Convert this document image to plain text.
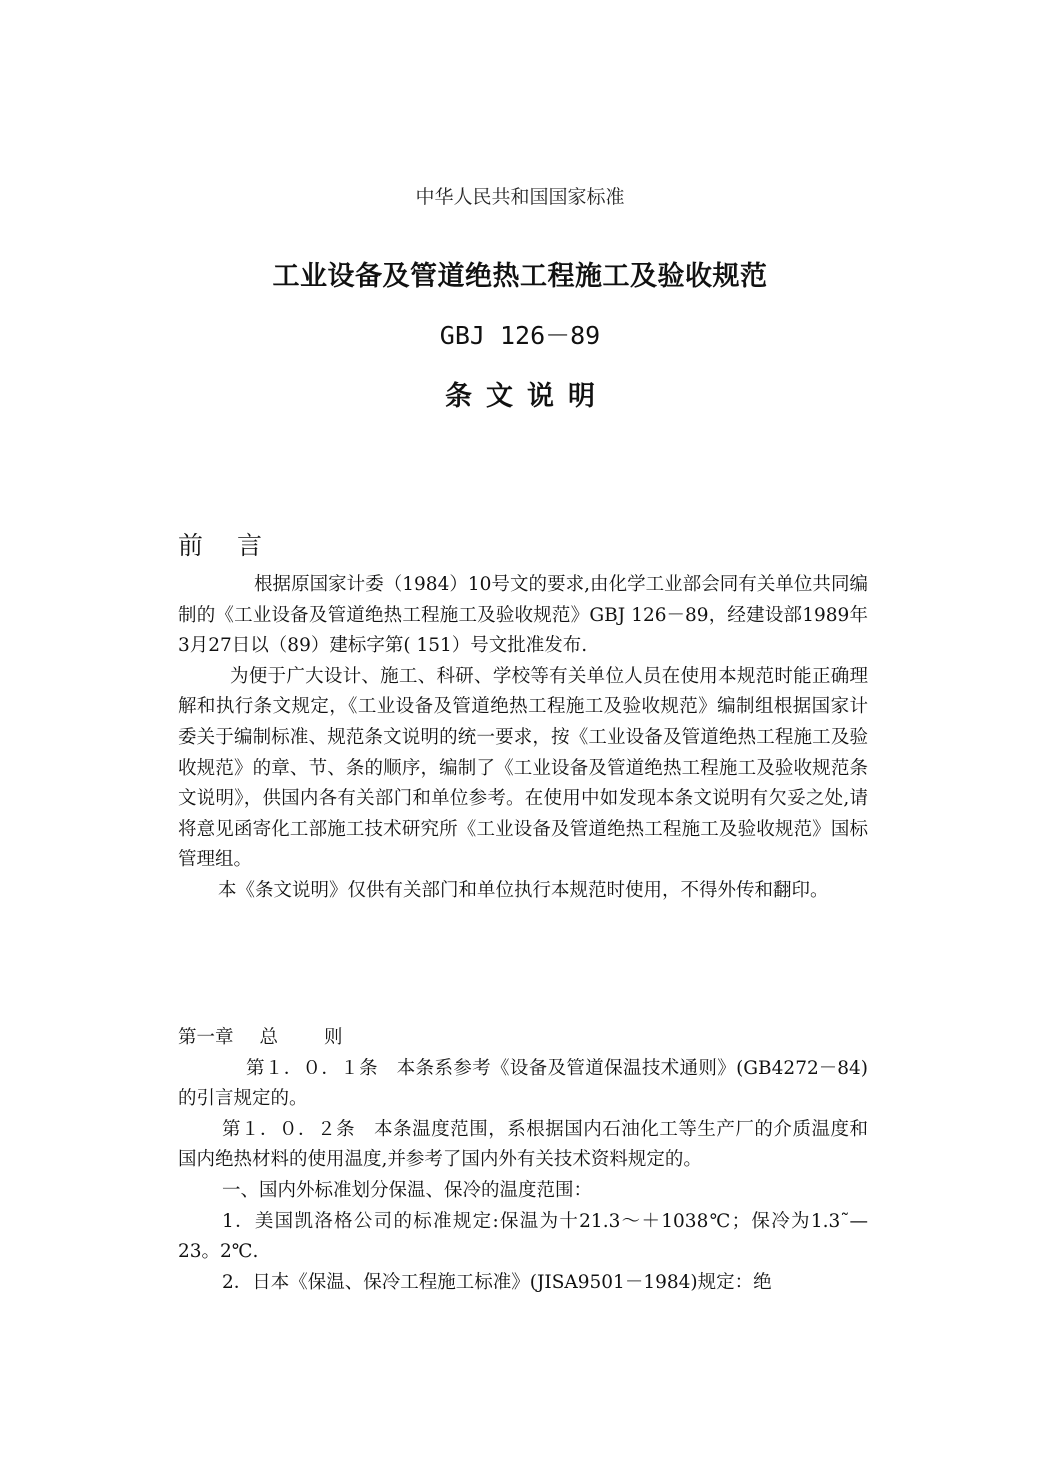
中华人民共和国国家标准
工业设备及管道绝热工程施工及验收规范
GBJ 126－89
条文说明
前言

根据原国家计委（1984）10号文的要求,由化学工业部会同有关单位共同编制的《工业设备及管道绝热工程施工及验收规范》GBJ 126－89，经建设部1989年3月27日以（89）建标字第( 151）号文批准发布.

为便于广大设计、施工、科研、学校等有关单位人员在使用本规范时能正确理解和执行条文规定，《工业设备及管道绝热工程施工及验收规范》编制组根据国家计委关于编制标准、规范条文说明的统一要求，按《工业设备及管道绝热工程施工及验收规范》的章、节、条的顺序，编制了《工业设备及管道绝热工程施工及验收规范条文说明》，供国内各有关部门和单位参考。在使用中如发现本条文说明有欠妥之处,请将意见函寄化工部施工技术研究所《工业设备及管道绝热工程施工及验收规范》国标管理组。

本《条文说明》仅供有关部门和单位执行本规范时使用，不得外传和翻印。

第一章 总 则

第１．０．１条　本条系参考《设备及管道保温技术通则》(GB4272－84)的引言规定的。

第１．０．２条　本条温度范围，系根据国内石油化工等生产厂的介质温度和国内绝热材料的使用温度,并参考了国内外有关技术资料规定的。

一、国内外标准划分保温、保冷的温度范围：

1．美国凯洛格公司的标准规定:保温为十21.3～＋1038℃；保冷为1.3˜—23。2℃.

2．日本《保温、保冷工程施工标准》(JISA9501－1984)规定：绝
